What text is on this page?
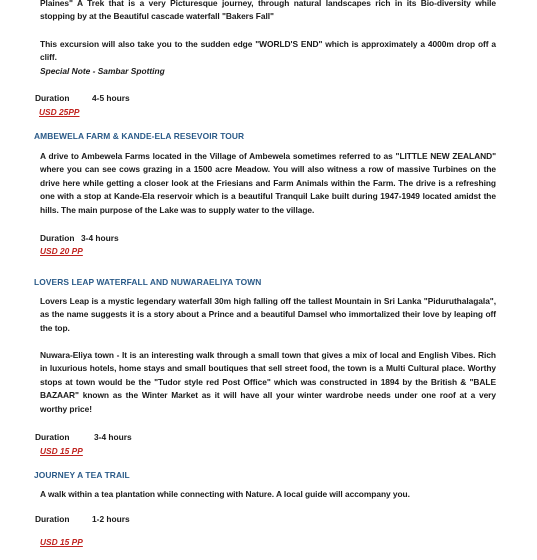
Plaines" A Trek that is a very Picturesque journey, through natural landscapes rich in its Bio-diversity while stopping by at the Beautiful cascade waterfall "Bakers Fall"

This excursion will also take you to the sudden edge "WORLD'S END" which is approximately a 4000m drop off a cliff.

Special Note - Sambar Spotting
Duration	4-5 hours
USD 25PP
AMBEWELA FARM & KANDE-ELA RESEVOIR TOUR

A drive to Ambewela Farms located in the Village of Ambewela sometimes referred to as "LITTLE NEW ZEALAND" where you can see cows grazing in a 1500 acre Meadow. You will also witness a row of massive Turbines on the drive here while getting a closer look at the Friesians and Farm Animals within the Farm. The drive is a refreshing one with a stop at Kande-Ela reservoir which is a beautiful Tranquil Lake built during 1947-1949 located amidst the hills. The main purpose of the Lake was to supply water to the village.

Duration 3-4 hours
USD 20 PP
LOVERS LEAP WATERFALL AND NUWARAELIYA TOWN

Lovers Leap is a mystic legendary waterfall 30m high falling off the tallest Mountain in Sri Lanka "Piduruthalagala", as the name suggests it is a story about a Prince and a beautiful Damsel who immortalized their love by leaping off the top.

Nuwara-Eliya town - It is an interesting walk through a small town that gives a mix of local and English Vibes. Rich in luxurious hotels, home stays and small boutiques that sell street food, the town is a Multi Cultural place. Worthy stops at town would be the "Tudor style red Post Office" which was constructed in 1894 by the British & "BALE BAZAAR" known as the Winter Market as it will have all your winter wardrobe needs under one roof at a very worthy price!

Duration	3-4 hours
USD 15 PP
JOURNEY A TEA TRAIL

A walk within a tea plantation while connecting with Nature. A local guide will accompany you.

Duration	1-2 hours
USD 15 PP
